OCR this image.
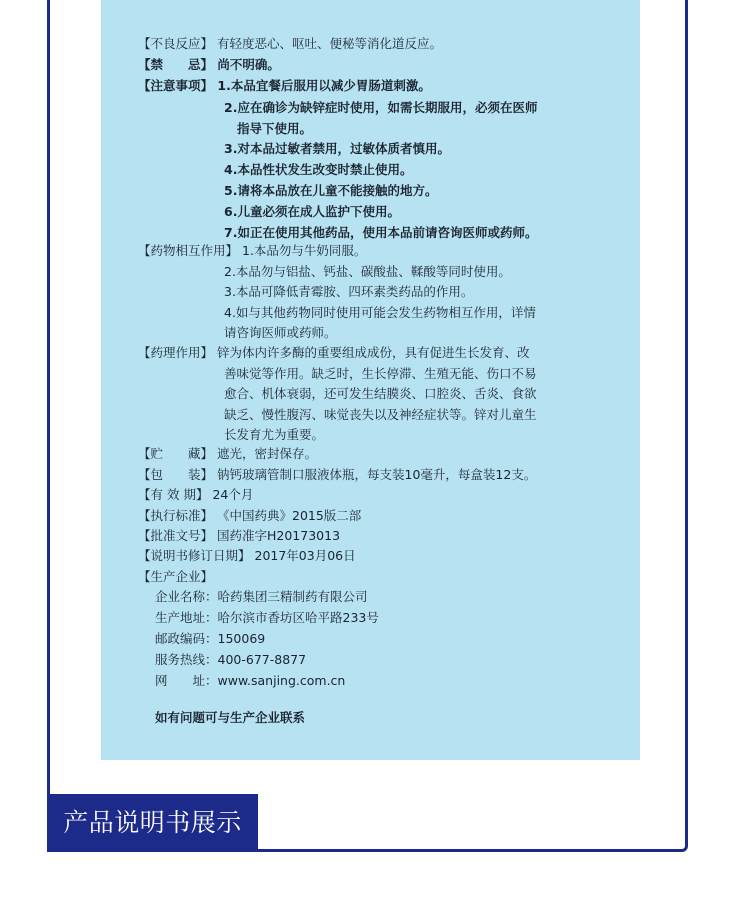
【不良反应】 有轻度恶心、呕吐、便秘等消化道反应。
【禁　　忌】 尚不明确。
【注意事项】 1.本品宜餐后服用以减少胃肠道刺激。
2.应在确诊为缺锌症时使用，如需长期服用，必须在医师
指导下使用。
3.对本品过敏者禁用，过敏体质者慎用。
4.本品性状发生改变时禁止使用。
5.请将本品放在儿童不能接触的地方。
6.儿童必须在成人监护下使用。
7.如正在使用其他药品，使用本品前请咨询医师或药师。
【药物相互作用】 1.本品勿与牛奶同服。
2.本品勿与铝盐、钙盐、碳酸盐、鞣酸等同时使用。
3.本品可降低青霉胺、四环素类药品的作用。
4.如与其他药物同时使用可能会发生药物相互作用，详情
请咨询医师或药师。
【药理作用】 锌为体内许多酶的重要组成成份，具有促进生长发育、改
善味觉等作用。缺乏时，生长停滞、生殖无能、伤口不易
愈合、机体衰弱，还可发生结膜炎、口腔炎、舌炎、食欲
缺乏、慢性腹泻、味觉丧失以及神经症状等。锌对儿童生
长发育尤为重要。
【贮　　藏】 遮光，密封保存。
【包　　装】 钠钙玻璃管制口服液体瓶，每支装10毫升，每盒装12支。
【有 效 期】 24个月
【执行标准】 《中国药典》2015版二部
【批准文号】 国药准字H20173013
【说明书修订日期】 2017年03月06日
【生产企业】
企业名称：哈药集团三精制药有限公司
生产地址：哈尔滨市香坊区哈平路233号
邮政编码：150069
服务热线：400-677-8877
网　　址：www.sanjing.com.cn
如有问题可与生产企业联系
产品说明书展示
